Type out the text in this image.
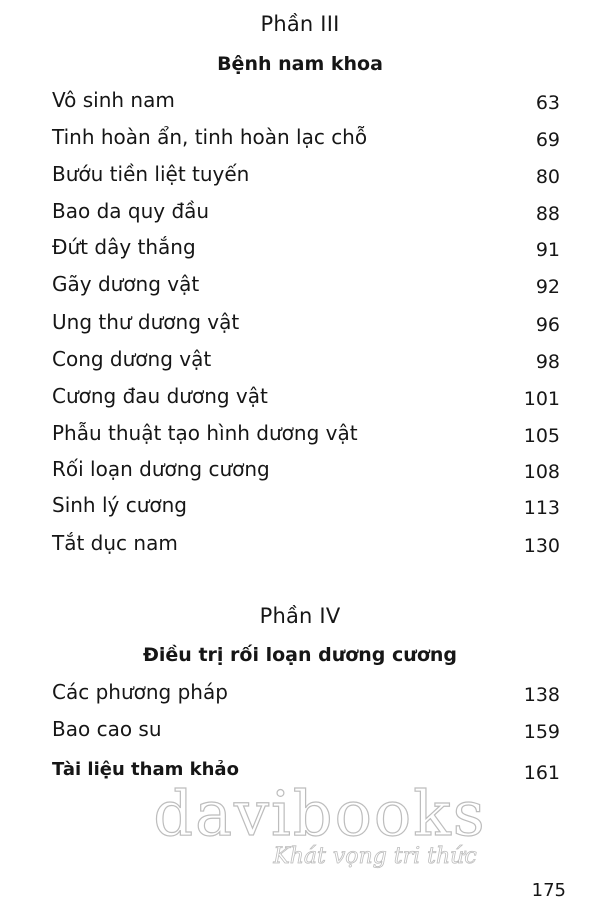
Phần III
Bệnh nam khoa
Vô sinh nam	63
Tinh hoàn ẩn, tinh hoàn lạc chỗ	69
Bướu tiền liệt tuyến	80
Bao da quy đầu	88
Đứt dây thắng	91
Gãy dương vật	92
Ung thư dương vật	96
Cong dương vật	98
Cương đau dương vật	101
Phẫu thuật tạo hình dương vật	105
Rối loạn dương cương	108
Sinh lý cương	113
Tắt dục nam	130
Phần IV
Điều trị rối loạn dương cương
Các phương pháp	138
Bao cao su	159
Tài liệu tham khảo	161
davibooks
Khát vọng tri thức
175
